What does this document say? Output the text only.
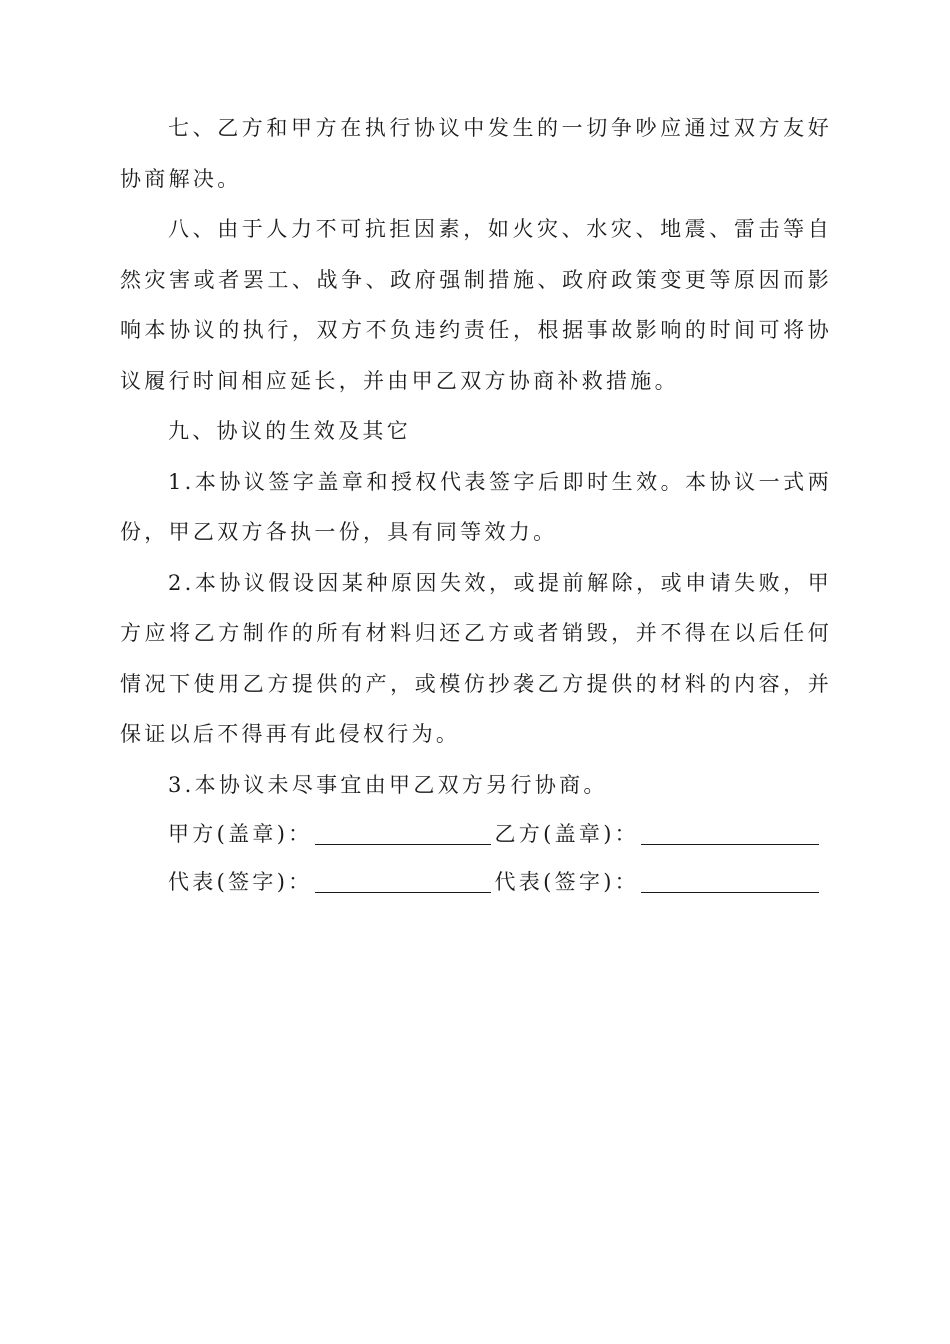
七、乙方和甲方在执行协议中发生的一切争吵应通过双方友好协商解决。

八、由于人力不可抗拒因素，如火灾、水灾、地震、雷击等自然灾害或者罢工、战争、政府强制措施、政府政策变更等原因而影响本协议的执行，双方不负违约责任，根据事故影响的时间可将协议履行时间相应延长，并由甲乙双方协商补救措施。

九、协议的生效及其它

1.本协议签字盖章和授权代表签字后即时生效。本协议一式两份，甲乙双方各执一份，具有同等效力。

2.本协议假设因某种原因失效，或提前解除，或申请失败，甲方应将乙方制作的所有材料归还乙方或者销毁，并不得在以后任何情况下使用乙方提供的产，或模仿抄袭乙方提供的材料的内容，并保证以后不得再有此侵权行为。

3.本协议未尽事宜由甲乙双方另行协商。

甲方(盖章)：	乙方(盖章)：
代表(签字)：	代表(签字)：
